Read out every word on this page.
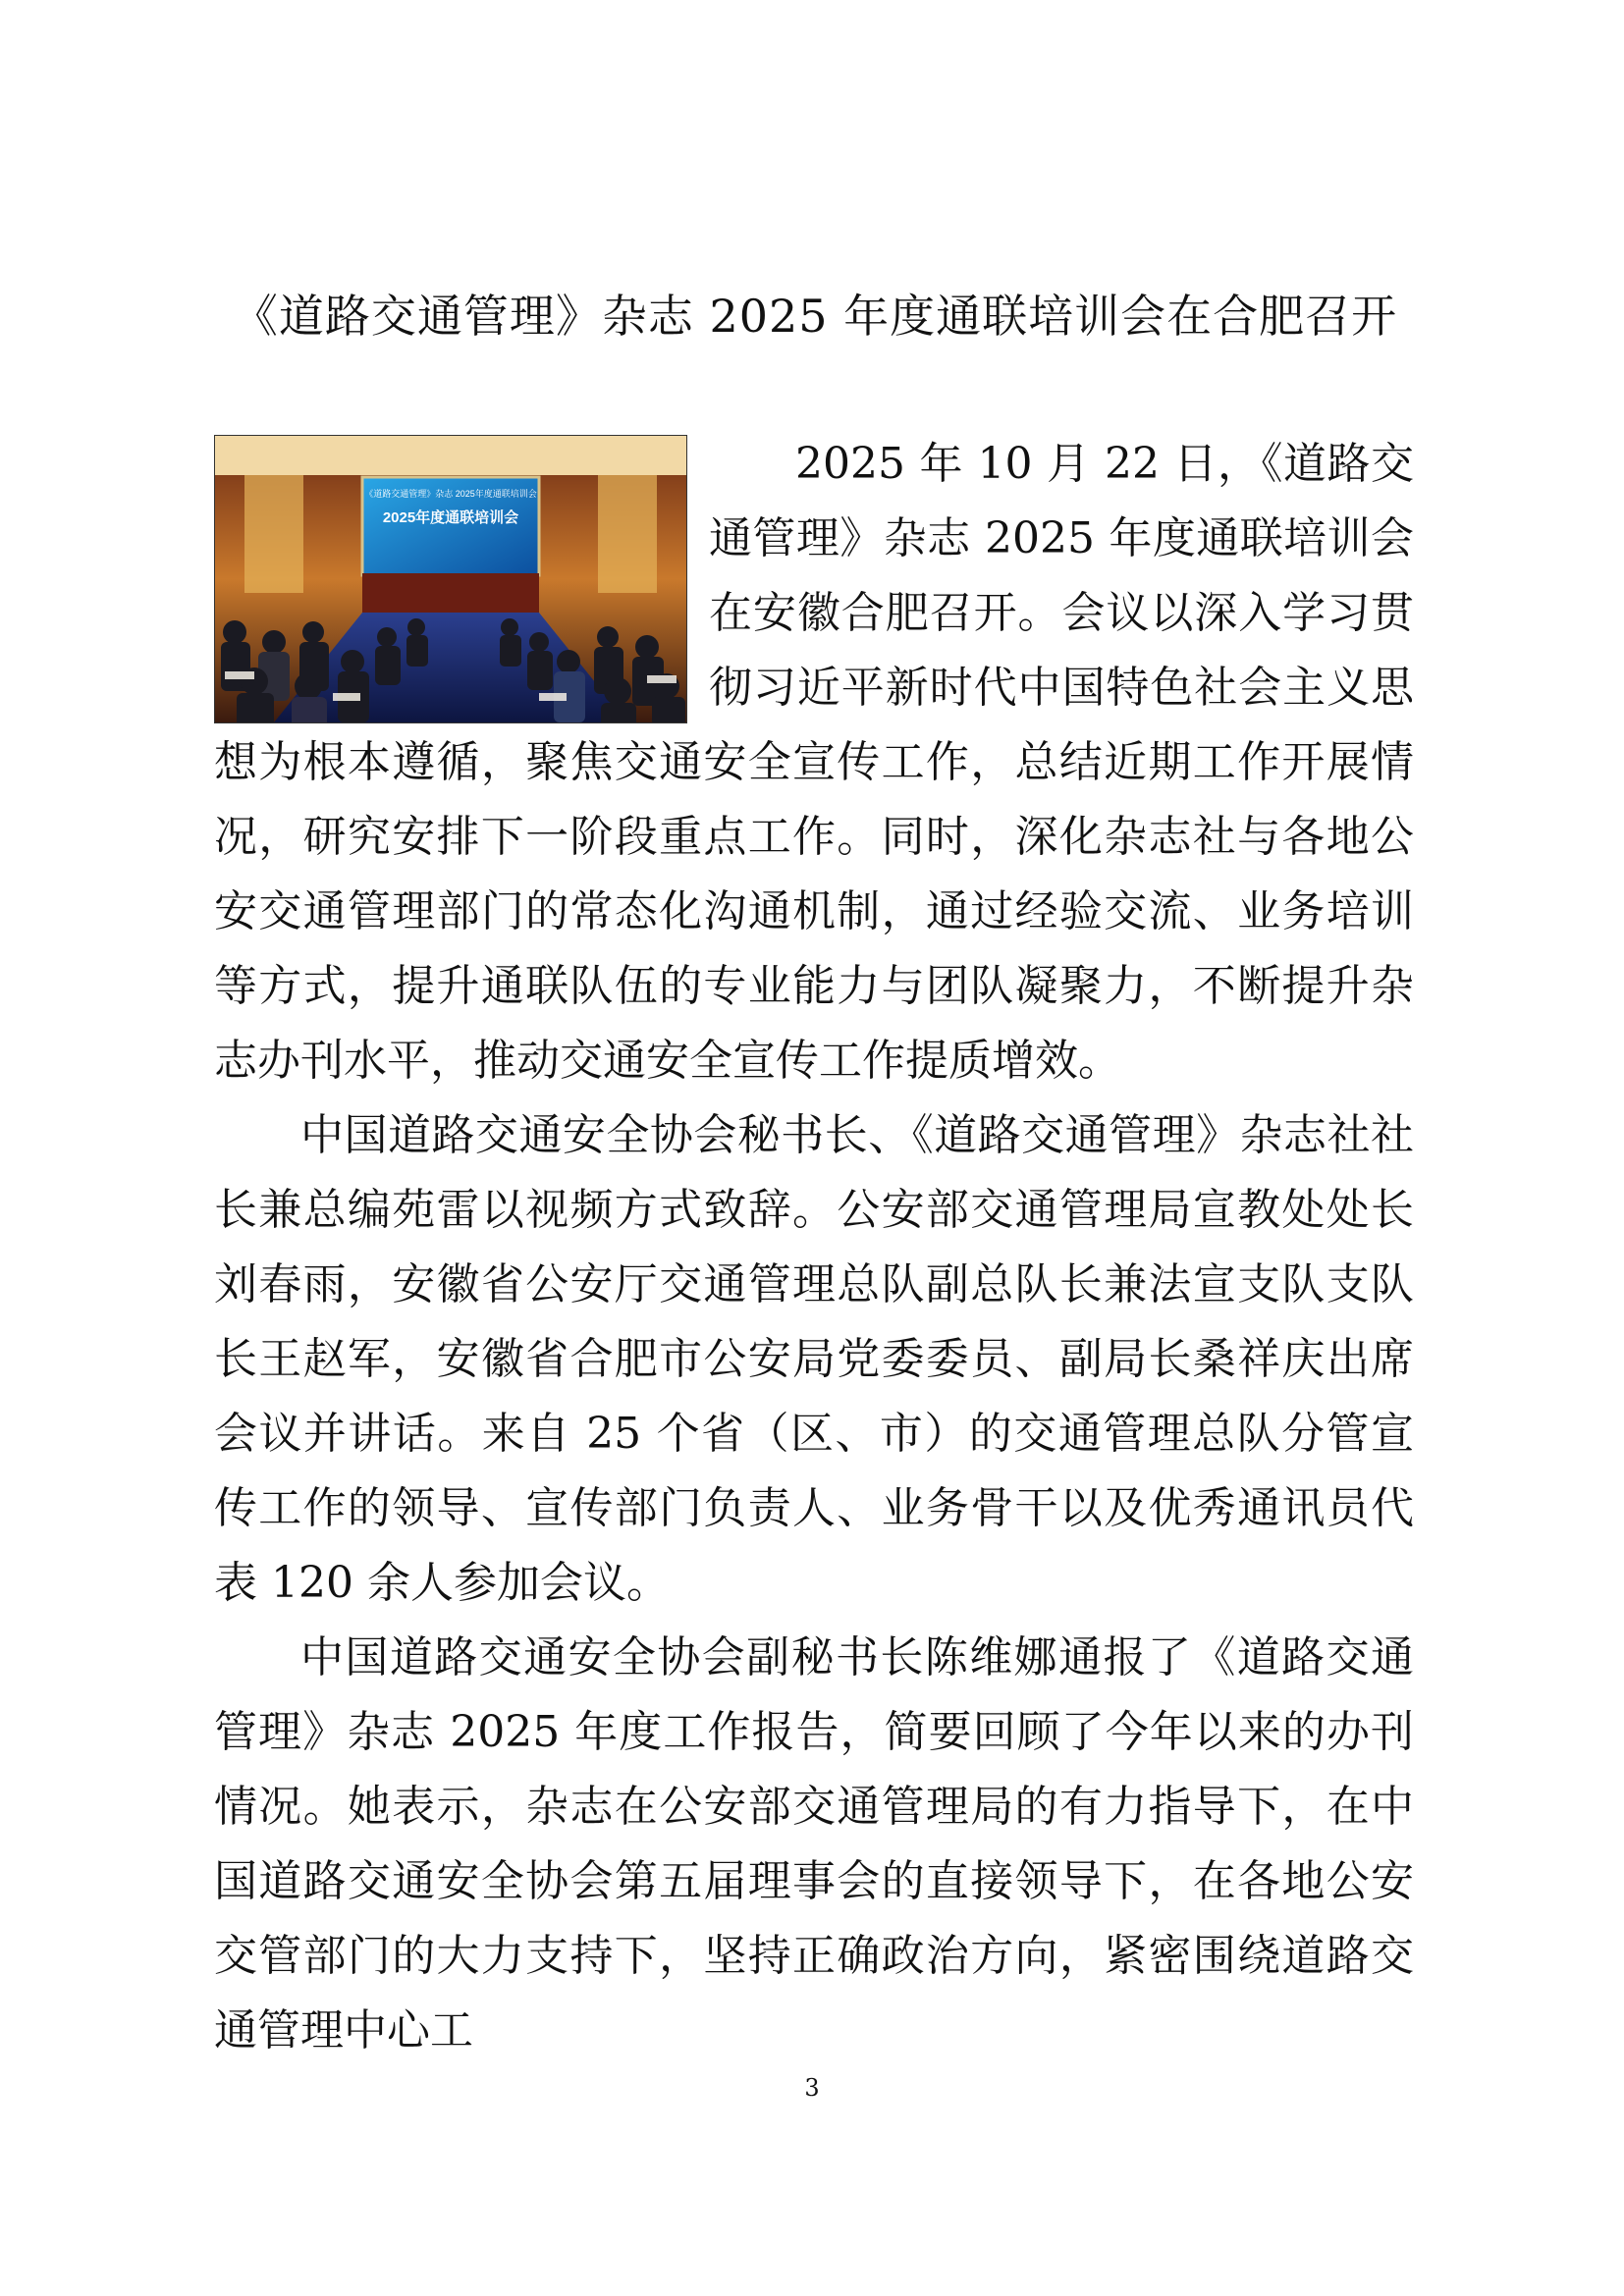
《道路交通管理》杂志 2025 年度通联培训会在合肥召开

《道路交通管理》杂志 2025年度通联培训会
2025年度通联培训会
2025 年 10 月 22 日，《道路交通管理》杂志 2025 年度通联培训会在安徽合肥召开。会议以深入学习贯彻习近平新时代中国特色社会主义思想为根本遵循，聚焦交通安全宣传工作，总结近期工作开展情况，研究安排下一阶段重点工作。同时，深化杂志社与各地公安交通管理部门的常态化沟通机制，通过经验交流、业务培训等方式，提升通联队伍的专业能力与团队凝聚力，不断提升杂志办刊水平，推动交通安全宣传工作提质增效。

中国道路交通安全协会秘书长、《道路交通管理》杂志社社长兼总编苑雷以视频方式致辞。公安部交通管理局宣教处处长刘春雨，安徽省公安厅交通管理总队副总队长兼法宣支队支队长王赵军，安徽省合肥市公安局党委委员、副局长桑祥庆出席会议并讲话。来自 25 个省（区、市）的交通管理总队分管宣传工作的领导、宣传部门负责人、业务骨干以及优秀通讯员代表 120 余人参加会议。

中国道路交通安全协会副秘书长陈维娜通报了《道路交通管理》杂志 2025 年度工作报告，简要回顾了今年以来的办刊情况。她表示，杂志在公安部交通管理局的有力指导下，在中国道路交通安全协会第五届理事会的直接领导下，在各地公安交管部门的大力支持下，坚持正确政治方向，紧密围绕道路交通管理中心工

3
